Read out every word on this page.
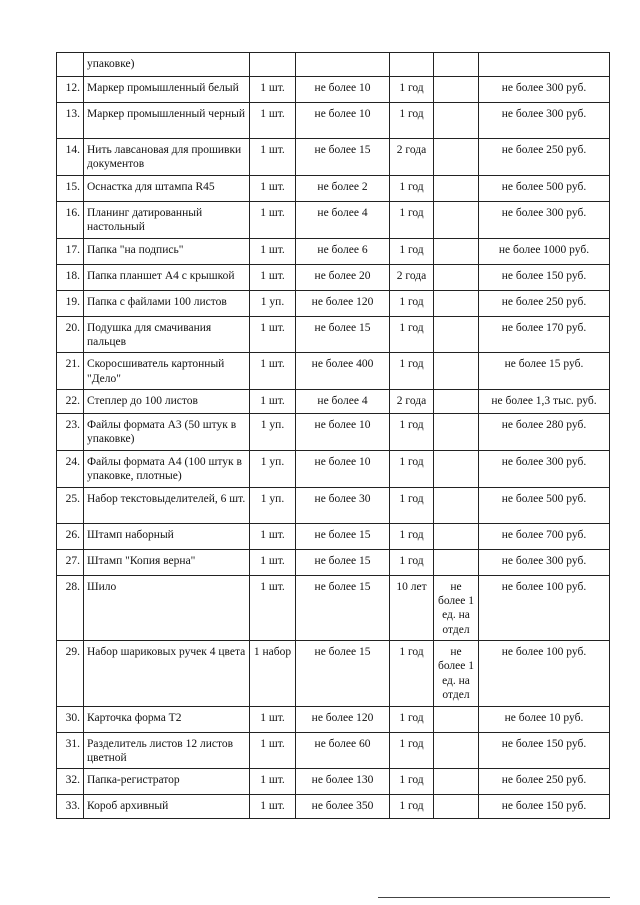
	упаковке)					
12.	Маркер промышленный белый	1 шт.	не более 10	1 год		не более 300 руб.
13.	Маркер промышленный черный	1 шт.	не более 10	1 год		не более 300 руб.
14.	Нить лавсановая для прошивки документов	1 шт.	не более 15	2 года		не более 250 руб.
15.	Оснастка для штампа R45	1 шт.	не более 2	1 год		не более 500 руб.
16.	Планинг датированный настольный	1 шт.	не более 4	1 год		не более 300 руб.
17.	Папка "на подпись"	1 шт.	не более 6	1 год		не более 1000 руб.
18.	Папка планшет А4 с крышкой	1 шт.	не более 20	2 года		не более 150 руб.
19.	Папка с файлами 100 листов	1 уп.	не более 120	1 год		не более 250 руб.
20.	Подушка для смачивания пальцев	1 шт.	не более 15	1 год		не более 170 руб.
21.	Скоросшиватель картонный "Дело"	1 шт.	не более 400	1 год		не более 15 руб.
22.	Степлер до 100 листов	1 шт.	не более 4	2 года		не более 1,3 тыс. руб.
23.	Файлы формата А3 (50 штук в упаковке)	1 уп.	не более 10	1 год		не более 280 руб.
24.	Файлы формата А4 (100 штук в упаковке, плотные)	1 уп.	не более 10	1 год		не более 300 руб.
25.	Набор текстовыделителей, 6 шт.	1 уп.	не более 30	1 год		не более 500 руб.
26.	Штамп наборный	1 шт.	не более 15	1 год		не более 700 руб.
27.	Штамп "Копия верна"	1 шт.	не более 15	1 год		не более 300 руб.
28.	Шило	1 шт.	не более 15	10 лет	не более 1 ед. на отдел	не более 100 руб.
29.	Набор шариковых ручек 4 цвета	1 набор	не более 15	1 год	не более 1 ед. на отдел	не более 100 руб.
30.	Карточка форма Т2	1 шт.	не более 120	1 год		не более 10 руб.
31.	Разделитель листов 12 листов цветной	1 шт.	не более 60	1 год		не более 150 руб.
32.	Папка-регистратор	1 шт.	не более 130	1 год		не более 250 руб.
33.	Короб архивный	1 шт.	не более 350	1 год		не более 150 руб.
